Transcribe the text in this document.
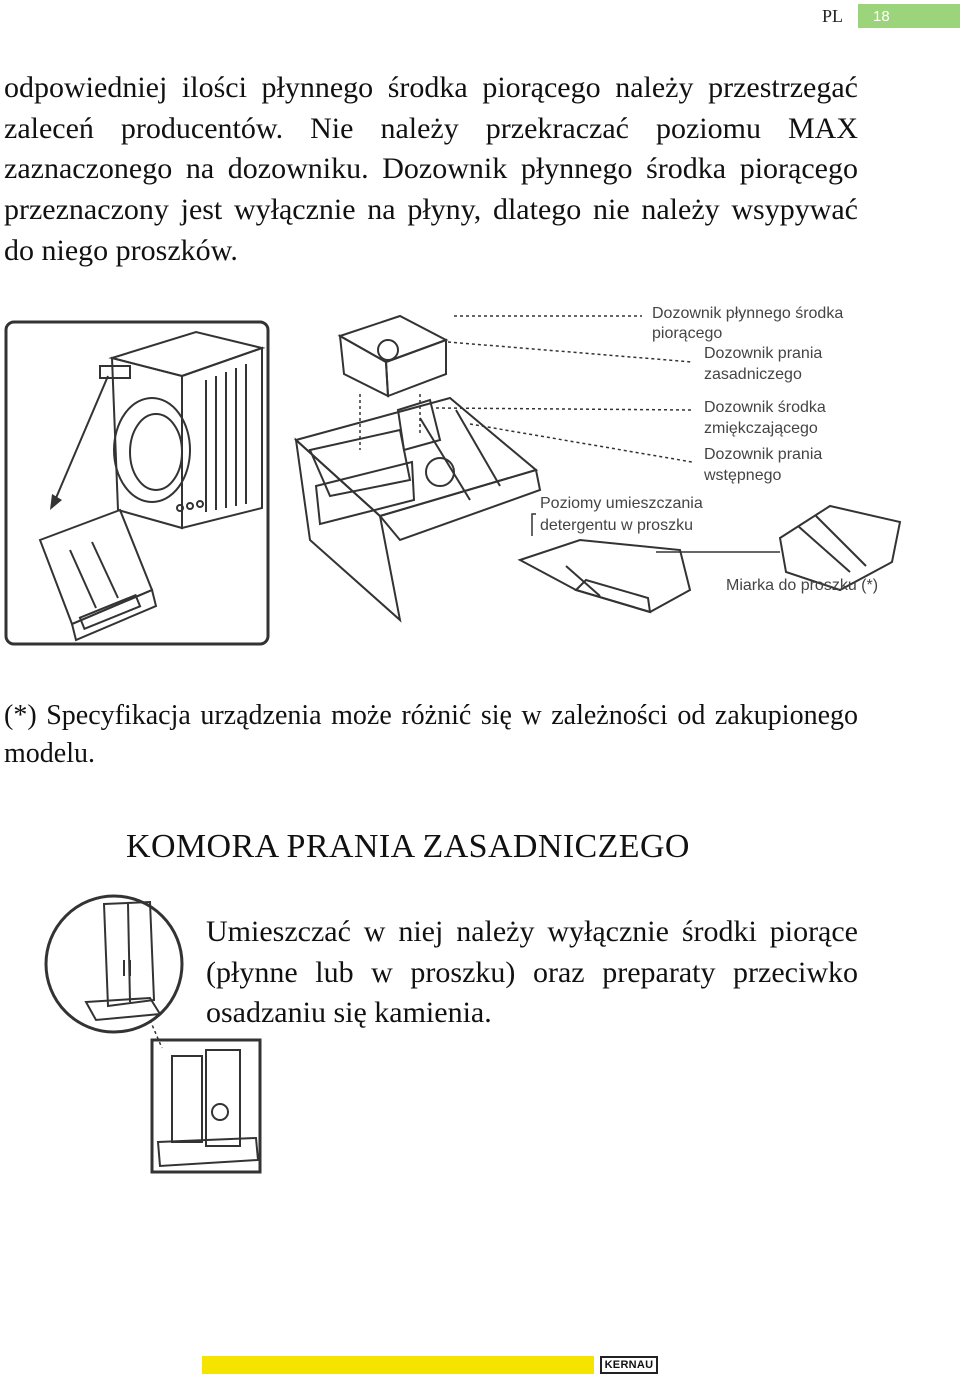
PL	18

odpowiedniej ilości płynnego środka piorącego należy przestrzegać zaleceń producentów. Nie należy przekraczać poziomu MAX zaznaczonego na dozowniku. Dozownik płynnego środka piorącego przeznaczony jest wyłącznie na płyny, dlatego nie należy wsypywać do niego proszków.

Dozownik płynnego środka
piorącego
Dozownik prania
zasadniczego
Dozownik środka
zmiękczającego
Dozownik prania
wstępnego
Poziomy umieszczania
detergentu w proszku
Miarka do proszku (*)

(*) Specyfikacja urządzenia może różnić się w zależności od zakupionego modelu.

KOMORA PRANIA ZASADNICZEGO

Umieszczać w niej należy wyłącznie środki piorące (płynne lub w proszku) oraz preparaty przeciwko osadzaniu się kamienia.

KERNAU
